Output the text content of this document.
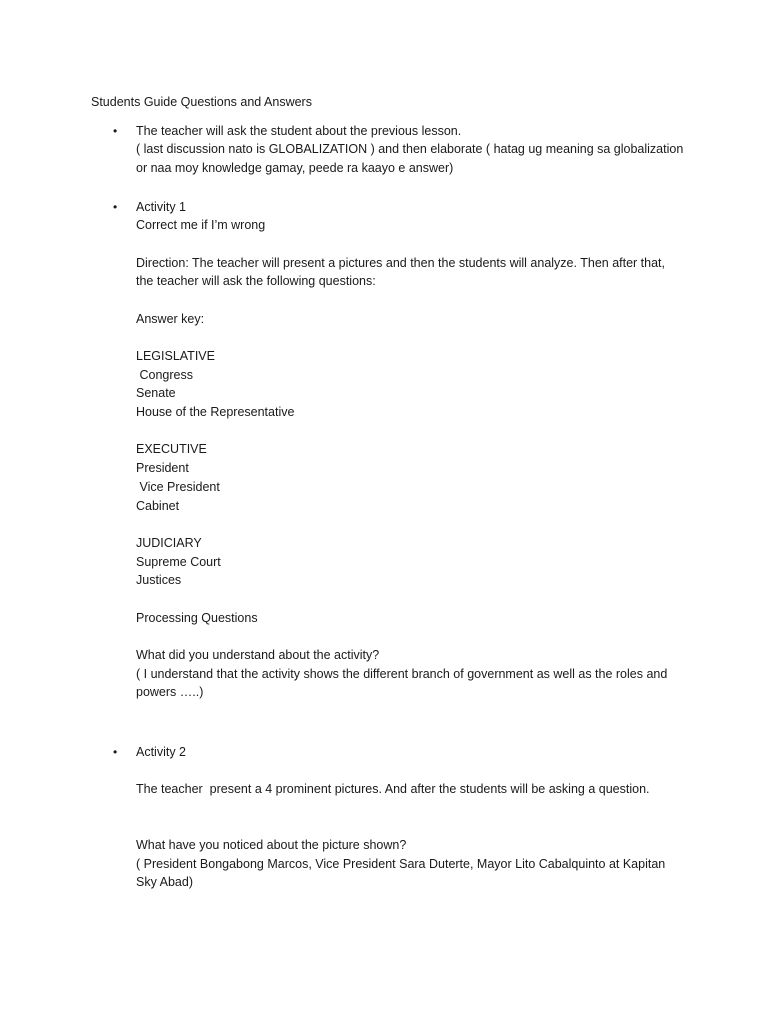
Students Guide Questions and Answers
• The teacher will ask the student about the previous lesson.
( last discussion nato is GLOBALIZATION ) and then elaborate ( hatag ug meaning sa globalization
or naa moy knowledge gamay, peede ra kaayo e answer)
• Activity 1
Correct me if I’m wrong
Direction: The teacher will present a pictures and then the students will analyze. Then after that,
the teacher will ask the following questions:
Answer key:
LEGISLATIVE
Congress
Senate
House of the Representative
EXECUTIVE
President
Vice President
Cabinet
JUDICIARY
Supreme Court
Justices
Processing Questions
What did you understand about the activity?
( I understand that the activity shows the different branch of government as well as the roles and
powers …..)
• Activity 2
The teacher  present a 4 prominent pictures. And after the students will be asking a question.
What have you noticed about the picture shown?
( President Bongabong Marcos, Vice President Sara Duterte, Mayor Lito Cabalquinto at Kapitan
Sky Abad)
